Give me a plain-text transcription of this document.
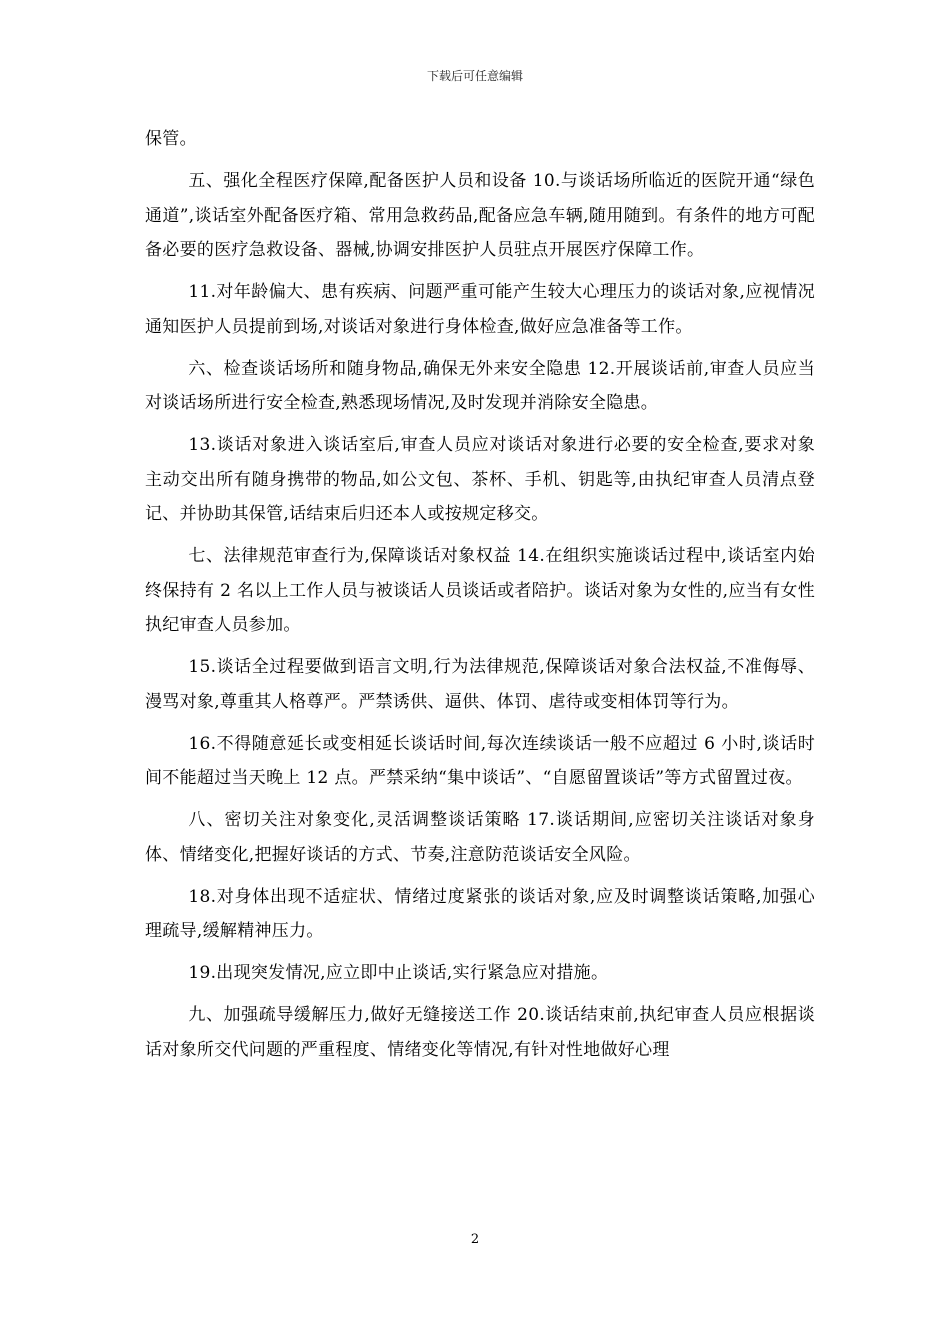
下载后可任意编辑

保管。

五、强化全程医疗保障,配备医护人员和设备 10.与谈话场所临近的医院开通“绿色通道”,谈话室外配备医疗箱、常用急救药品,配备应急车辆,随用随到。有条件的地方可配备必要的医疗急救设备、器械,协调安排医护人员驻点开展医疗保障工作。

11.对年龄偏大、患有疾病、问题严重可能产生较大心理压力的谈话对象,应视情况通知医护人员提前到场,对谈话对象进行身体检查,做好应急准备等工作。

六、检查谈话场所和随身物品,确保无外来安全隐患 12.开展谈话前,审查人员应当对谈话场所进行安全检查,熟悉现场情况,及时发现并消除安全隐患。

13.谈话对象进入谈话室后,审查人员应对谈话对象进行必要的安全检查,要求对象主动交出所有随身携带的物品,如公文包、茶杯、手机、钥匙等,由执纪审查人员清点登记、并协助其保管,话结束后归还本人或按规定移交。

七、法律规范审查行为,保障谈话对象权益 14.在组织实施谈话过程中,谈话室内始终保持有 2 名以上工作人员与被谈话人员谈话或者陪护。谈话对象为女性的,应当有女性执纪审查人员参加。

15.谈话全过程要做到语言文明,行为法律规范,保障谈话对象合法权益,不准侮辱、漫骂对象,尊重其人格尊严。严禁诱供、逼供、体罚、虐待或变相体罚等行为。

16.不得随意延长或变相延长谈话时间,每次连续谈话一般不应超过 6 小时,谈话时间不能超过当天晚上 12 点。严禁采纳“集中谈话”、“自愿留置谈话”等方式留置过夜。

八、密切关注对象变化,灵活调整谈话策略 17.谈话期间,应密切关注谈话对象身体、情绪变化,把握好谈话的方式、节奏,注意防范谈话安全风险。

18.对身体出现不适症状、情绪过度紧张的谈话对象,应及时调整谈话策略,加强心理疏导,缓解精神压力。

19.出现突发情况,应立即中止谈话,实行紧急应对措施。

九、加强疏导缓解压力,做好无缝接送工作 20.谈话结束前,执纪审查人员应根据谈话对象所交代问题的严重程度、情绪变化等情况,有针对性地做好心理

2
